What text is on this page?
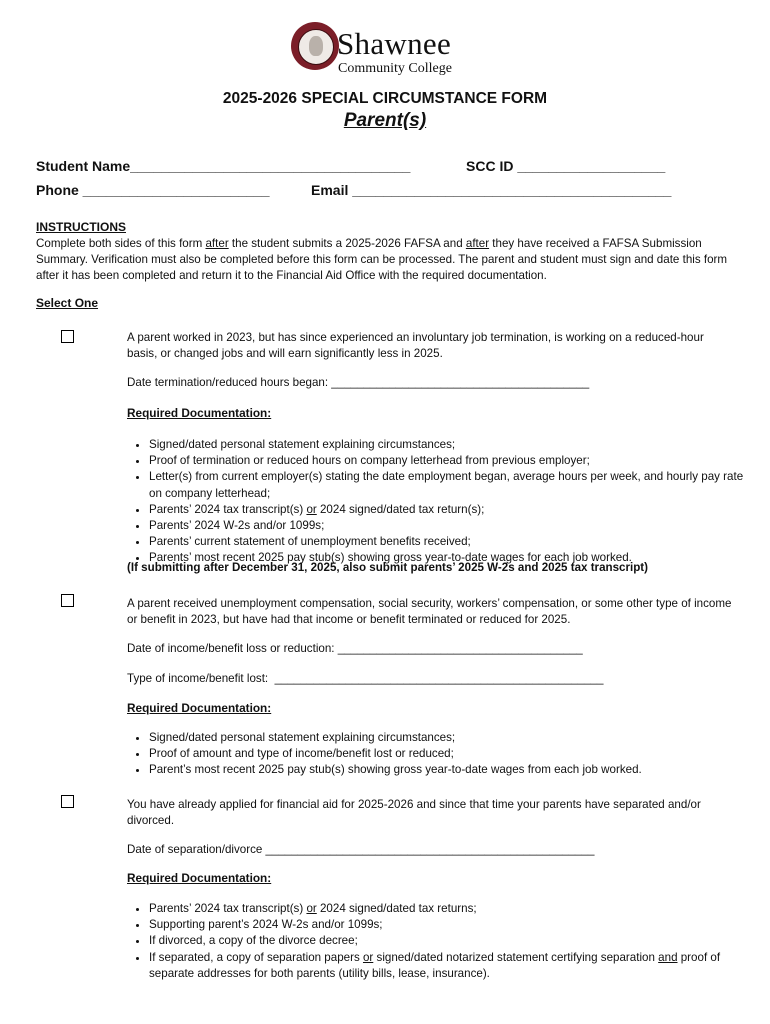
Shawnee
Community College
2025-2026 SPECIAL CIRCUMSTANCE FORM
Parent(s)
Student Name____________________________________	SCC ID ___________________
Phone ________________________	Email _________________________________________
INSTRUCTIONS
Complete both sides of this form after the student submits a 2025-2026 FAFSA and after they have received a FAFSA Submission Summary. Verification must also be completed before this form can be processed. The parent and student must sign and date this form after it has been completed and return it to the Financial Aid Office with the required documentation.
Select One
A parent worked in 2023, but has since experienced an involuntary job termination, is working on a reduced-hour basis, or changed jobs and will earn significantly less in 2025.
Date termination/reduced hours began: ________________________________________
Required Documentation:
• Signed/dated personal statement explaining circumstances;
• Proof of termination or reduced hours on company letterhead from previous employer;
• Letter(s) from current employer(s) stating the date employment began, average hours per week, and hourly pay rate on company letterhead;
• Parents’ 2024 tax transcript(s) or 2024 signed/dated tax return(s);
• Parents’ 2024 W-2s and/or 1099s;
• Parents’ current statement of unemployment benefits received;
• Parents’ most recent 2025 pay stub(s) showing gross year-to-date wages for each job worked.
(If submitting after December 31, 2025, also submit parents’ 2025 W-2s and 2025 tax transcript)
A parent received unemployment compensation, social security, workers’ compensation, or some other type of income or benefit in 2023, but have had that income or benefit terminated or reduced for 2025.
Date of income/benefit loss or reduction: ______________________________________
Type of income/benefit lost:  ___________________________________________________
Required Documentation:
• Signed/dated personal statement explaining circumstances;
• Proof of amount and type of income/benefit lost or reduced;
• Parent’s most recent 2025 pay stub(s) showing gross year-to-date wages from each job worked.
You have already applied for financial aid for 2025-2026 and since that time your parents have separated and/or divorced.
Date of separation/divorce ___________________________________________________
Required Documentation:
• Parents’ 2024 tax transcript(s) or 2024 signed/dated tax returns;
• Supporting parent’s 2024 W-2s and/or 1099s;
• If divorced, a copy of the divorce decree;
• If separated, a copy of separation papers or signed/dated notarized statement certifying separation and proof of separate addresses for both parents (utility bills, lease, insurance).
